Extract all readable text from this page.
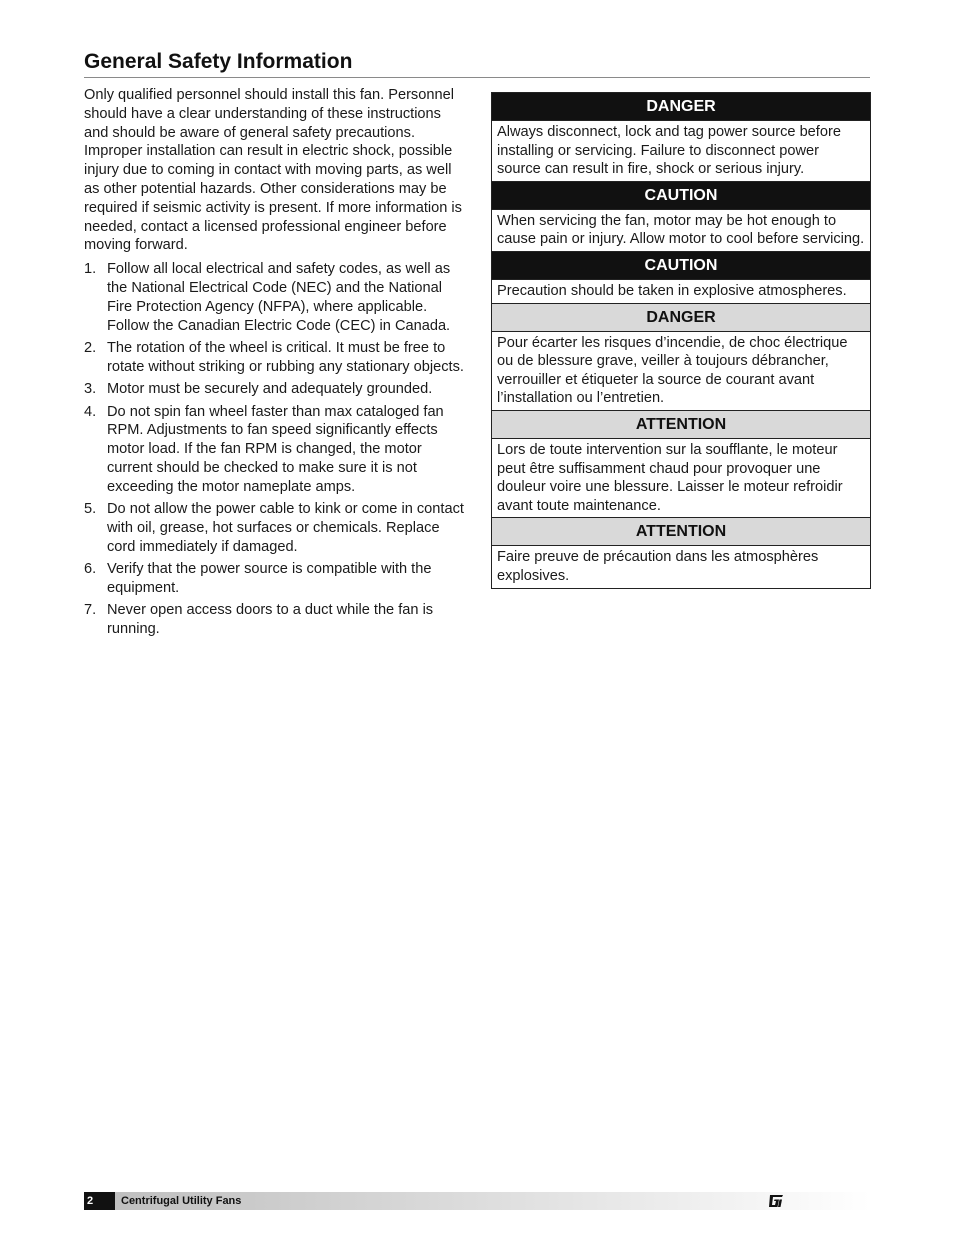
General Safety Information

Only qualified personnel should install this fan. Personnel should have a clear understanding of these instructions and should be aware of general safety precautions. Improper installation can result in electric shock, possible injury due to coming in contact with moving parts, as well as other potential hazards. Other considerations may be required if seismic activity is present. If more information is needed, contact a licensed professional engineer before moving forward.

1. Follow all local electrical and safety codes, as well as the National Electrical Code (NEC) and the National Fire Protection Agency (NFPA), where applicable. Follow the Canadian Electric Code (CEC) in Canada.
2. The rotation of the wheel is critical. It must be free to rotate without striking or rubbing any stationary objects.
3. Motor must be securely and adequately grounded.
4. Do not spin fan wheel faster than max cataloged fan RPM. Adjustments to fan speed significantly effects motor load. If the fan RPM is changed, the motor current should be checked to make sure it is not exceeding the motor nameplate amps.
5. Do not allow the power cable to kink or come in contact with oil, grease, hot surfaces or chemicals. Replace cord immediately if damaged.
6. Verify that the power source is compatible with the equipment.
7. Never open access doors to a duct while the fan is running.
DANGER
Always disconnect, lock and tag power source before installing or servicing. Failure to disconnect power source can result in fire, shock or serious injury.
CAUTION
When servicing the fan, motor may be hot enough to cause pain or injury. Allow motor to cool before servicing.
CAUTION
Precaution should be taken in explosive atmospheres.
DANGER
Pour écarter les risques d’incendie, de choc électrique ou de blessure grave, veiller à toujours débrancher, verrouiller et étiqueter la source de courant avant l’installation ou l’entretien.
ATTENTION
Lors de toute intervention sur la soufflante, le moteur peut être suffisamment chaud pour provoquer une douleur voire une blessure. Laisser le moteur refroidir avant toute maintenance.
ATTENTION
Faire preuve de précaution dans les atmosphères explosives.
2	Centrifugal Utility Fans
